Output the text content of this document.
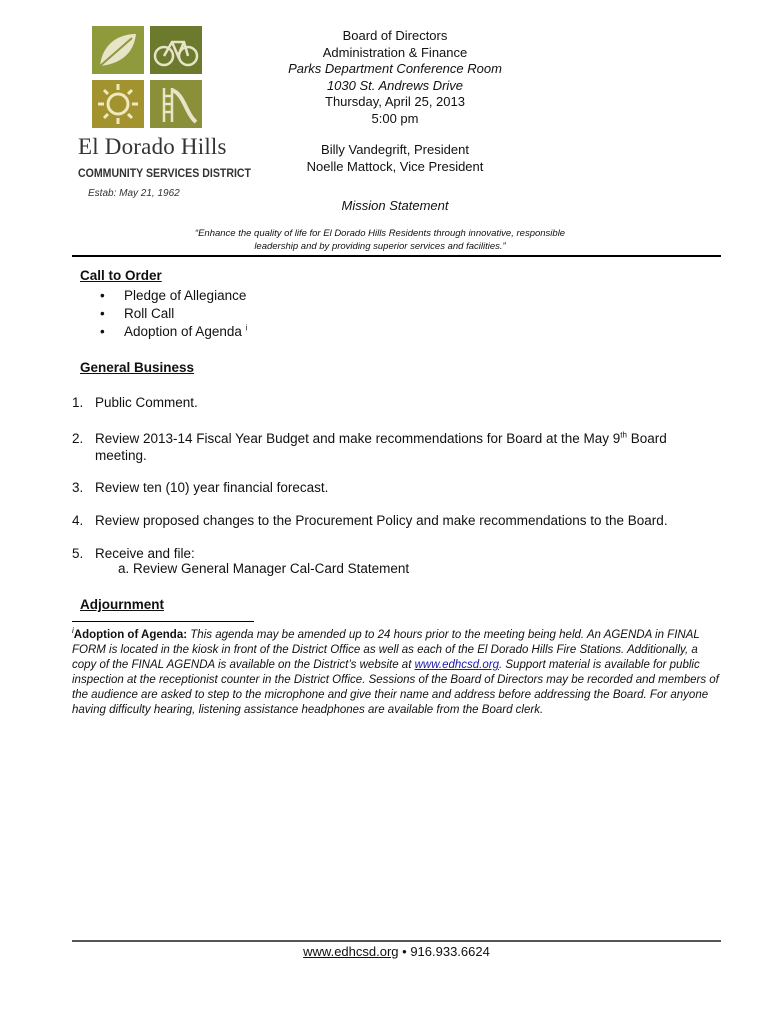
El Dorado Hills
COMMUNITY SERVICES DISTRICT
Estab: May 21, 1962
Board of Directors
Administration & Finance
Parks Department Conference Room
1030 St. Andrews Drive
Thursday, April 25, 2013
5:00 pm
Billy Vandegrift, President
Noelle Mattock, Vice President
Mission Statement
“Enhance the quality of life for El Dorado Hills Residents through innovative, responsible
leadership and by providing superior services and facilities.”
Call to Order
• Pledge of Allegiance
• Roll Call
• Adoption of Agenda $^i$
General Business
1. Public Comment.
2. Review 2013-14 Fiscal Year Budget and make recommendations for Board at the May 9th Board meeting.
3. Review ten (10) year financial forecast.
4. Review proposed changes to the Procurement Policy and make recommendations to the Board.
5. Receive and file:
a. Review General Manager Cal-Card Statement
Adjournment
$^i$Adoption of Agenda: This agenda may be amended up to 24 hours prior to the meeting being held. An AGENDA in FINAL FORM is located in the kiosk in front of the District Office as well as each of the El Dorado Hills Fire Stations. Additionally, a copy of the FINAL AGENDA is available on the District’s website at www.edhcsd.org. Support material is available for public inspection at the receptionist counter in the District Office. Sessions of the Board of Directors may be recorded and members of the audience are asked to step to the microphone and give their name and address before addressing the Board. For anyone having difficulty hearing, listening assistance headphones are available from the Board clerk.
www.edhcsd.org • 916.933.6624
